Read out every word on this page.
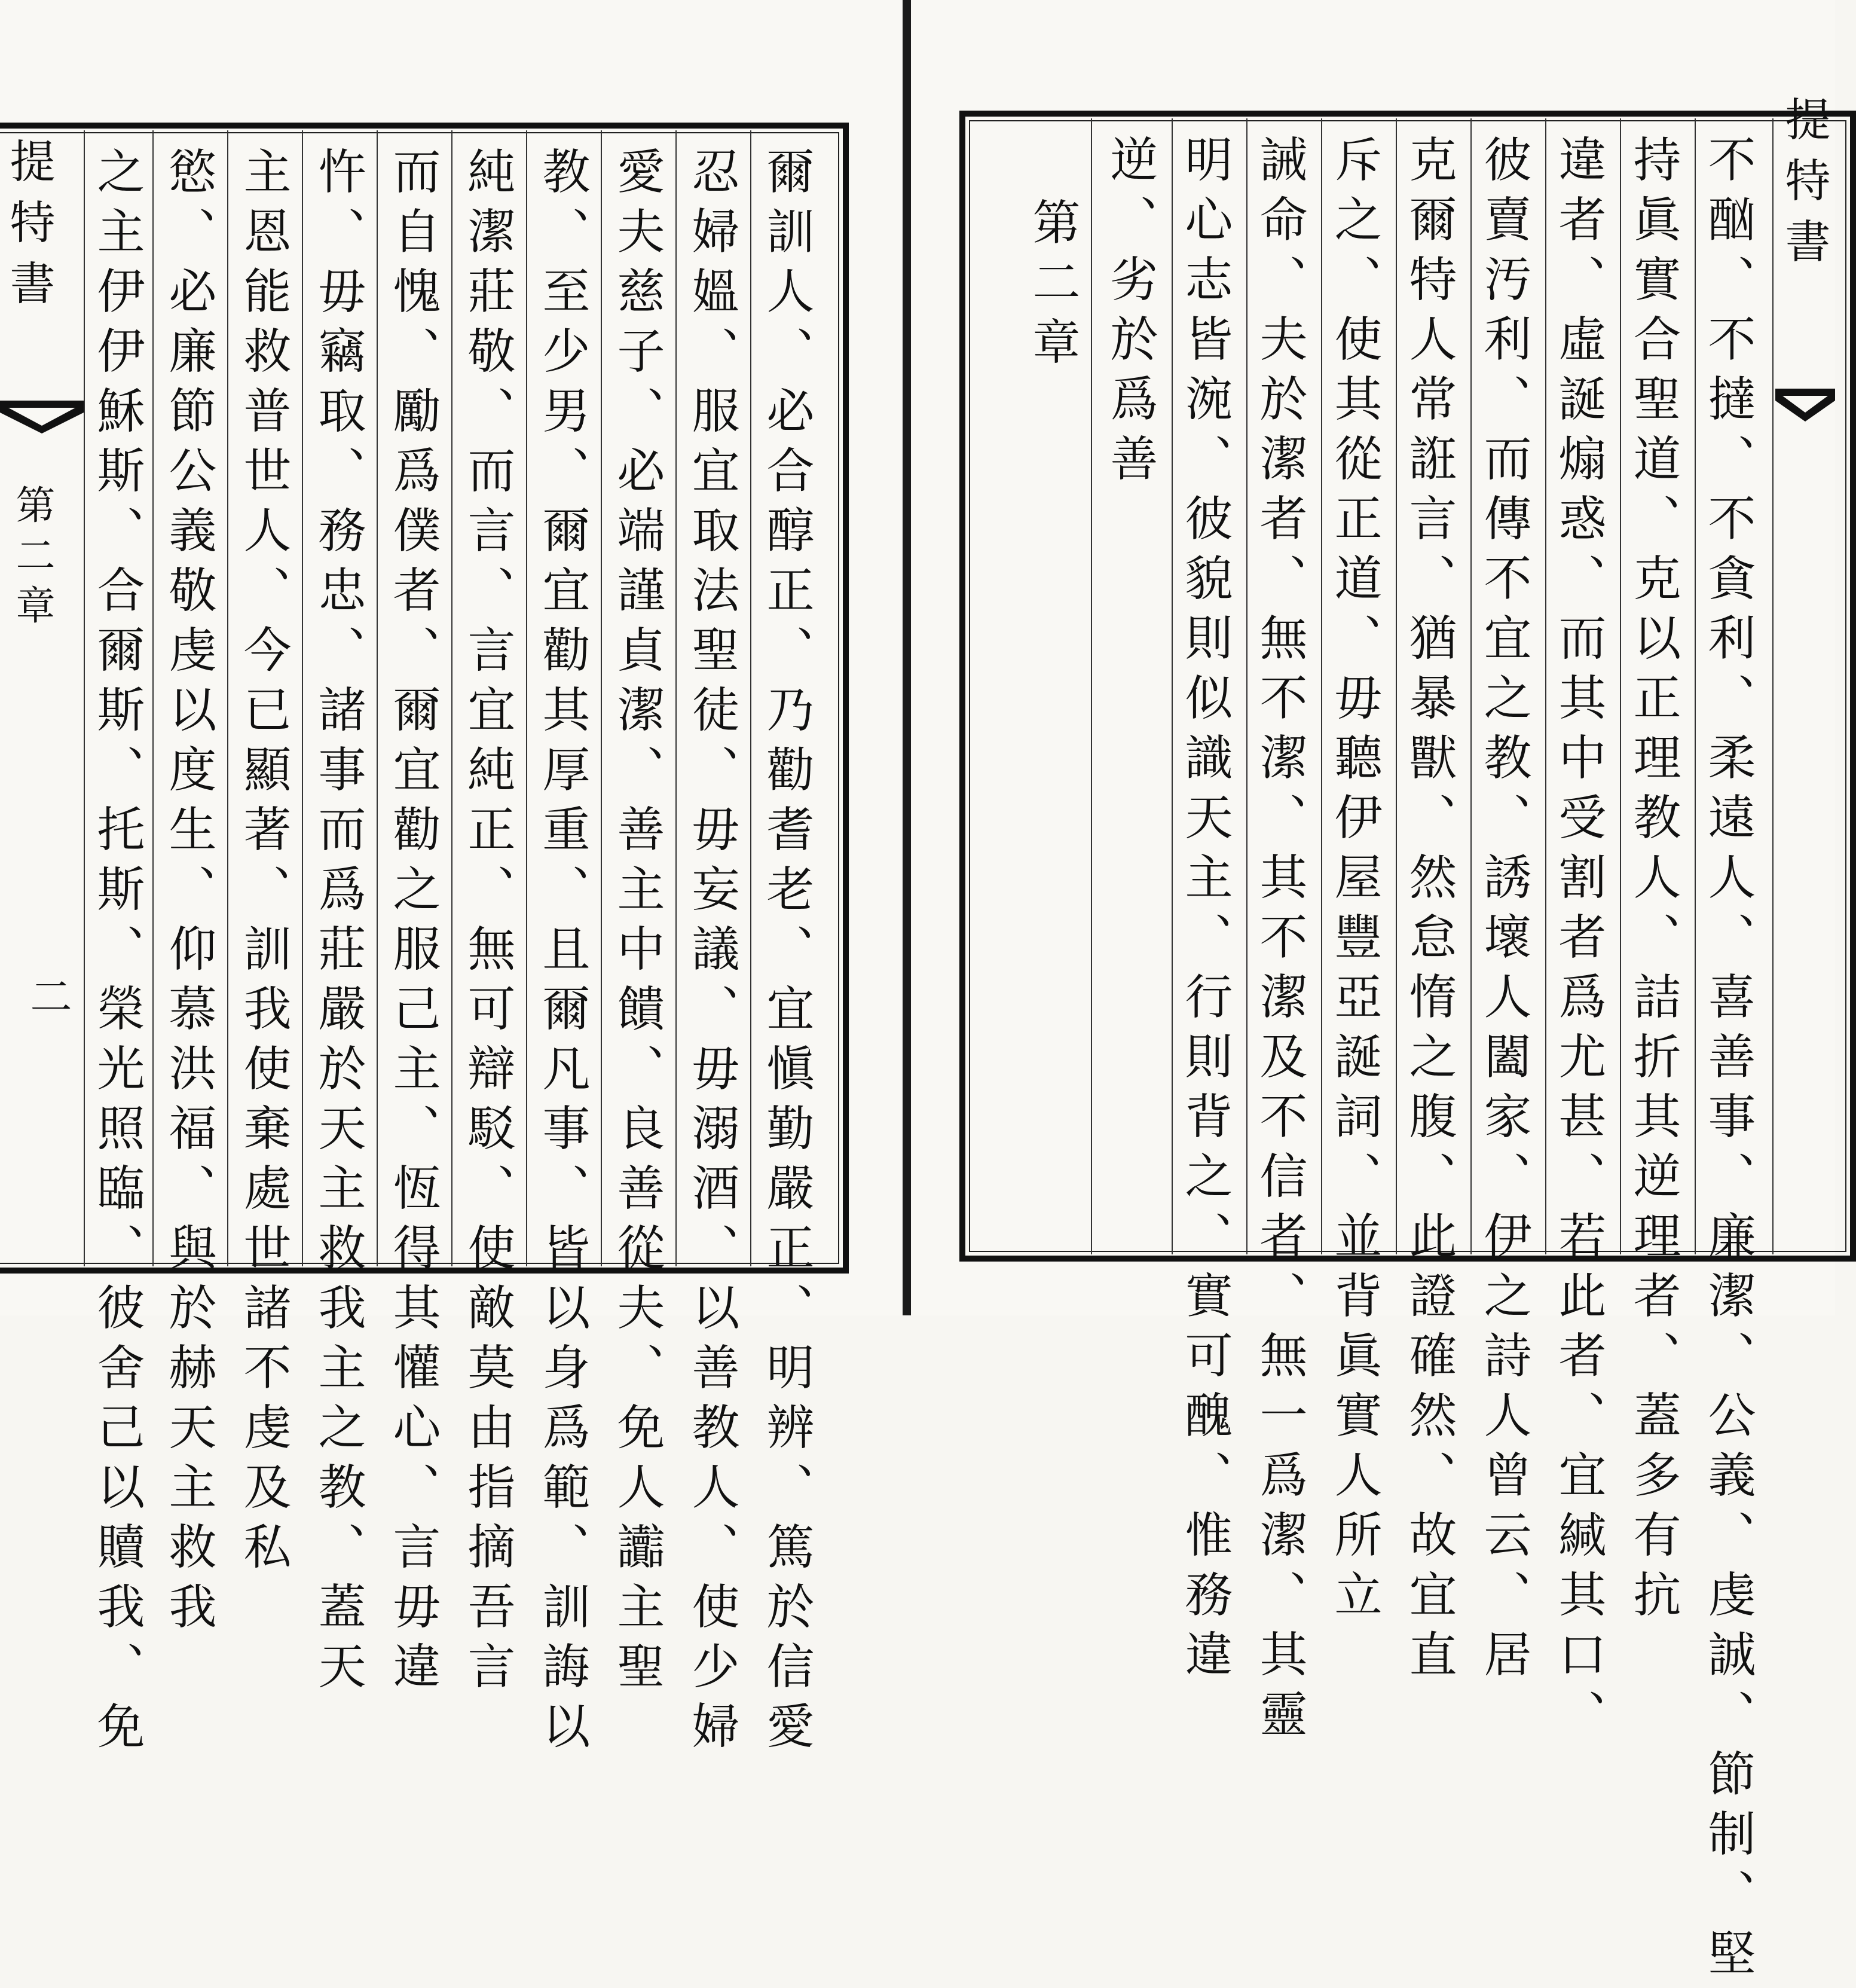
提特書
第二章
二	爾訓人、必合醇正、乃勸耆老、宜愼勤嚴正、明辨、篤於信愛
忍婦媼、服宜取法聖徒、毋妄議、毋溺酒、以善教人、使少婦
愛夫慈子、必端謹貞潔、善主中饋、良善從夫、免人讟主聖
教、至少男、爾宜勸其厚重、且爾凡事、皆以身爲範、訓誨以
純潔莊敬、而言、言宜純正、無可辯駁、使敵莫由指摘吾言
而自愧、勵爲僕者、爾宜勸之服己主、恆得其懽心、言毋違
忤、毋竊取、務忠、諸事而爲莊嚴於天主救我主之教、蓋天
主恩能救普世人、今已顯著、訓我使棄處世諸不虔及私
慾、必廉節公義敬虔以度生、仰慕洪福、與於赫天主救我
之主伊伊穌斯、合爾斯、托斯、榮光照臨、彼舍己以贖我、免	提特書
不酗、不撻、不貪利、柔遠人、喜善事、廉潔、公義、虔誠、節制、堅
持眞實合聖道、克以正理教人、詰折其逆理者、蓋多有抗
違者、虛誕煽惑、而其中受割者爲尤甚、若此者、宜緘其口、
彼賣汚利、而傳不宜之教、誘壞人闔家、伊之詩人曾云、居
克爾特人常誑言、猶暴獸、然怠惰之腹、此證確然、故宜直
斥之、使其從正道、毋聽伊屋豐亞誕詞、並背眞實人所立
誡命、夫於潔者、無不潔、其不潔及不信者、無一爲潔、其靈
明心志皆涴、彼貌則似識天主、行則背之、實可醜、惟務違
逆、劣於爲善
第二章
